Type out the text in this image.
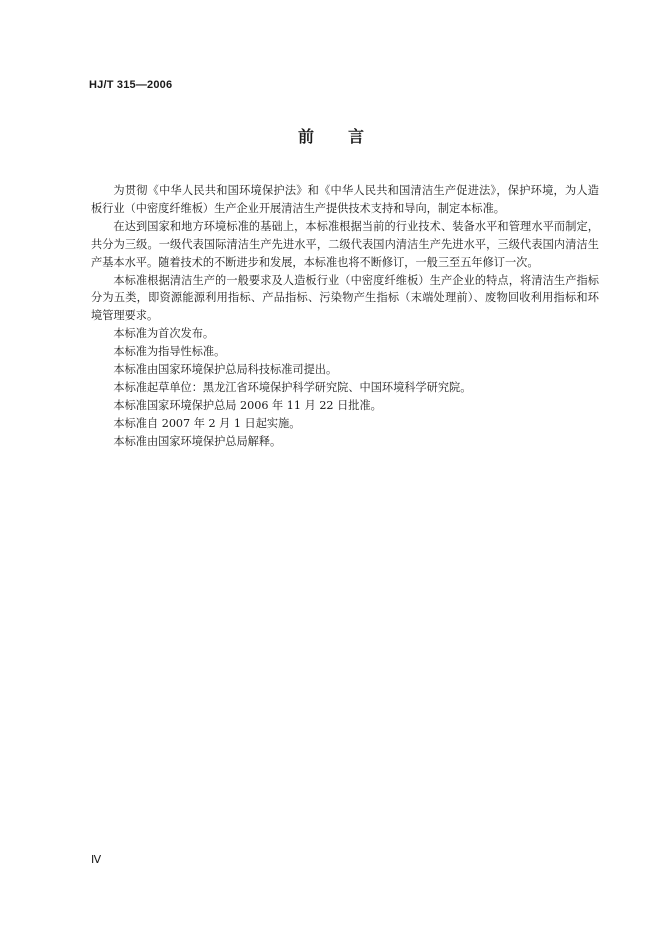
HJ/T 315—2006
前 言

为贯彻《中华人民共和国环境保护法》和《中华人民共和国清洁生产促进法》，保护环境，为人造板行业（中密度纤维板）生产企业开展清洁生产提供技术支持和导向，制定本标准。

在达到国家和地方环境标准的基础上，本标准根据当前的行业技术、装备水平和管理水平而制定，共分为三级。一级代表国际清洁生产先进水平，二级代表国内清洁生产先进水平，三级代表国内清洁生产基本水平。随着技术的不断进步和发展，本标准也将不断修订，一般三至五年修订一次。

本标准根据清洁生产的一般要求及人造板行业（中密度纤维板）生产企业的特点，将清洁生产指标分为五类，即资源能源利用指标、产品指标、污染物产生指标（末端处理前）、废物回收利用指标和环境管理要求。

本标准为首次发布。

本标准为指导性标准。

本标准由国家环境保护总局科技标准司提出。

本标准起草单位：黑龙江省环境保护科学研究院、中国环境科学研究院。

本标准国家环境保护总局 2006 年 11 月 22 日批准。

本标准自 2007 年 2 月 1 日起实施。

本标准由国家环境保护总局解释。

Ⅳ
